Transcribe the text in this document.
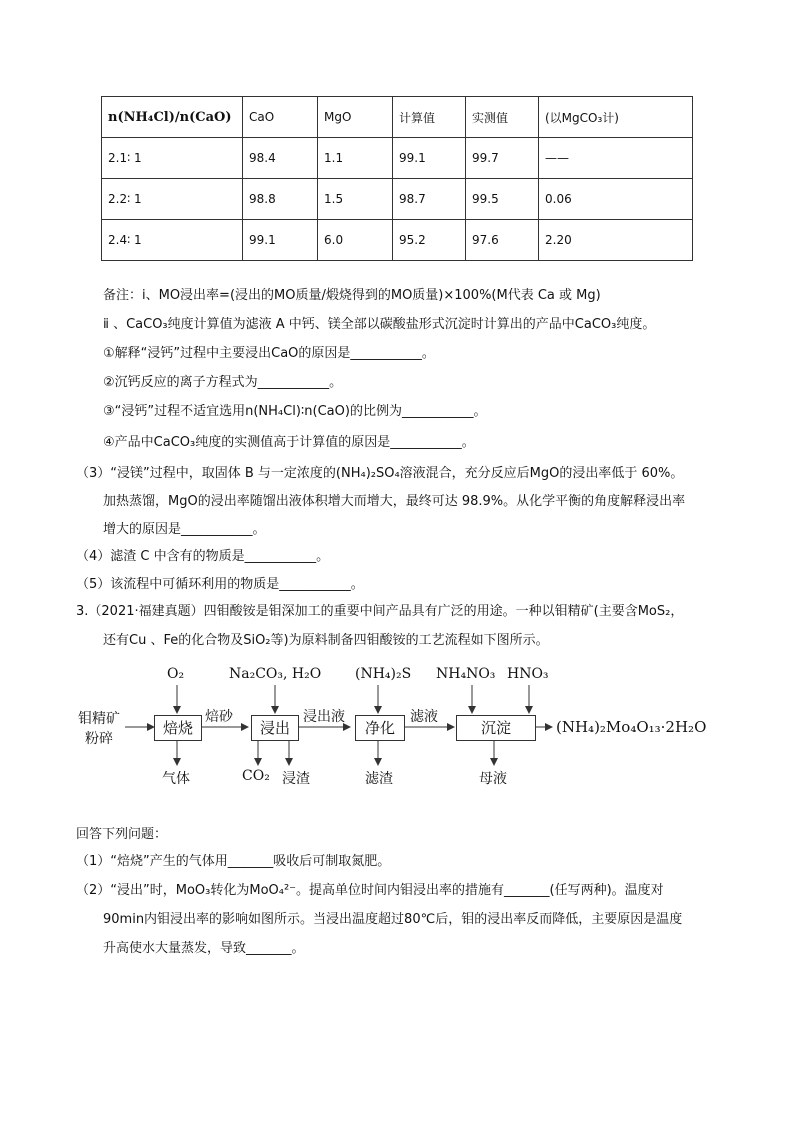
n(NH₄Cl)/n(CaO)	CaO	MgO	计算值	实测值	(以MgCO₃计)
2.1∶ 1	98.4	1.1	99.1	99.7	——
2.2∶ 1	98.8	1.5	98.7	99.5	0.06
2.4∶ 1	99.1	6.0	95.2	97.6	2.20
备注：ⅰ、MO浸出率=(浸出的MO质量/煅烧得到的MO质量)×100%(M代表 Ca 或 Mg)
ⅱ 、CaCO₃纯度计算值为滤液 A 中钙、镁全部以碳酸盐形式沉淀时计算出的产品中CaCO₃纯度。
①解释“浸钙”过程中主要浸出CaO的原因是___________。
②沉钙反应的离子方程式为___________。
③“浸钙”过程不适宜选用n(NH₄Cl)∶n(CaO)的比例为___________。
④产品中CaCO₃纯度的实测值高于计算值的原因是___________。
（3）“浸镁”过程中，取固体 B 与一定浓度的(NH₄)₂SO₄溶液混合，充分反应后MgO的浸出率低于 60%。
加热蒸馏，MgO的浸出率随馏出液体积增大而增大，最终可达 98.9%。从化学平衡的角度解释浸出率
增大的原因是___________。
（4）滤渣 C 中含有的物质是___________。
（5）该流程中可循环利用的物质是___________。
3.（2021·福建真题）四钼酸铵是钼深加工的重要中间产品具有广泛的用途。一种以钼精矿(主要含MoS₂，
还有Cu 、Fe的化合物及SiO₂等)为原料制备四钼酸铵的工艺流程如下图所示。
钼精矿
粉碎
焙烧	浸出	净化	沉淀
O₂	Na₂CO₃, H₂O (NH₄)₂S NH₄NO₃ HNO₃
焙砂	浸出液	滤液
(NH₄)₂Mo₄O₁₃·2H₂O
气体	CO₂ 浸渣	滤渣	母液
回答下列问题：
（1）“焙烧”产生的气体用_______吸收后可制取氮肥。
（2）“浸出”时，MoO₃转化为MoO₄²⁻。提高单位时间内钼浸出率的措施有_______(任写两种)。温度对
90min内钼浸出率的影响如图所示。当浸出温度超过80℃后，钼的浸出率反而降低，主要原因是温度
升高使水大量蒸发，导致_______。
